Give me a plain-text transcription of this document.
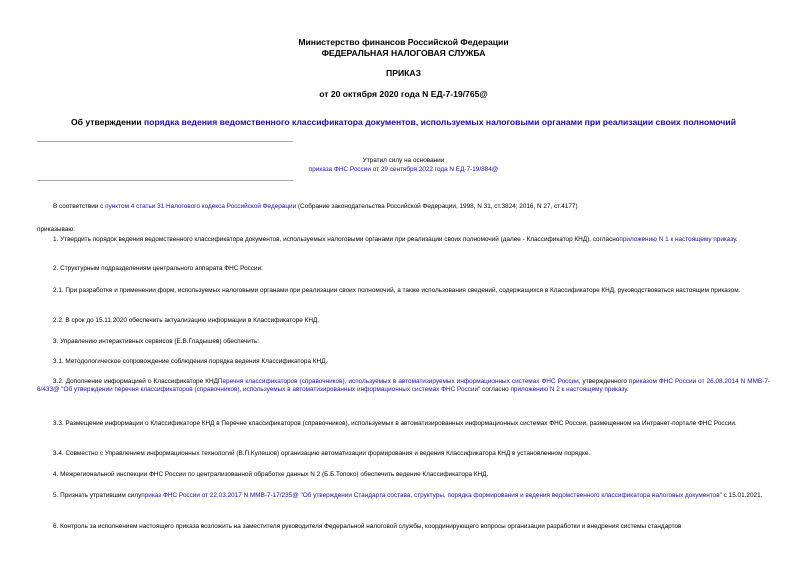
Министерство финансов Российской Федерации
ФЕДЕРАЛЬНАЯ НАЛОГОВАЯ СЛУЖБА
ПРИКАЗ
от 20 октября 2020 года N ЕД-7-19/765@
Об утверждении порядка ведения ведомственного классификатора документов, используемых налоговыми органами при реализации своих полномочий
Утратил силу на основании
приказа ФНС России от 29 сентября 2022 года N ЕД-7-19/884@
В соответствии с пунктом 4 статьи 31 Налогового кодекса Российской Федерации (Собрание законодательства Российской Федерации, 1998, N 31, ст.3824; 2016, N 27, ст.4177)
приказываю:
1. Утвердить порядок ведения ведомственного классификатора документов, используемых налоговыми органами при реализации своих полномочий (далее - Классификатор КНД), согласноприложению N 1 к настоящему приказу.
2. Структурным подразделениям центрального аппарата ФНС России:
2.1. При разработке и применении форм, используемых налоговыми органами при реализации своих полномочий, а также использования сведений, содержащихся в Классификаторе КНД, руководствоваться настоящим приказом.
2.2. В срок до 15.11.2020 обеспечить актуализацию информации в Классификаторе КНД.
3. Управлению интерактивных сервисов (Е.В.Гладышев) обеспечить:
3.1. Методологическое сопровождение соблюдения порядка ведения Классификатора КНД.
3.2. Дополнение информацией о Классификаторе КНДПеречня классификаторов (справочников), используемых в автоматизируемых информационных системах ФНС России, утвержденного приказом ФНС России от 26.08.2014 N ММВ-7-6/433@ "Об утверждении перечня классификаторов (справочников), используемых в автоматизированных информационных системах ФНС России" согласно приложению N 2 к настоящему приказу.
3.3. Размещение информации о Классификаторе КНД в Перечне классификаторов (справочников), используемых в автоматизированных информационных системах ФНС России, размещенном на Интранет-портале ФНС России.
3.4. Совместно с Управлением информационных технологий (В.П.Кулешов) организацию автоматизации формирования и ведения Классификатора КНД в установленном порядке.
4. Межрегиональной инспекции ФНС России по централизованной обработке данных N 2 (Б.Б.Топоко) обеспечить ведение Классификатора КНД.
5. Признать утратившим силуприказ ФНС России от 22.03.2017 N ММВ-7-17/235@ "Об утверждении Стандарта состава, структуры, порядка формирования и ведения ведомственного классификатора налоговых документов" с 15.01.2021.
6. Контроль за исполнением настоящего приказа возложить на заместителя руководителя Федеральной налоговой службы, координирующего вопросы организации разработки и внедрения системы стандартов
